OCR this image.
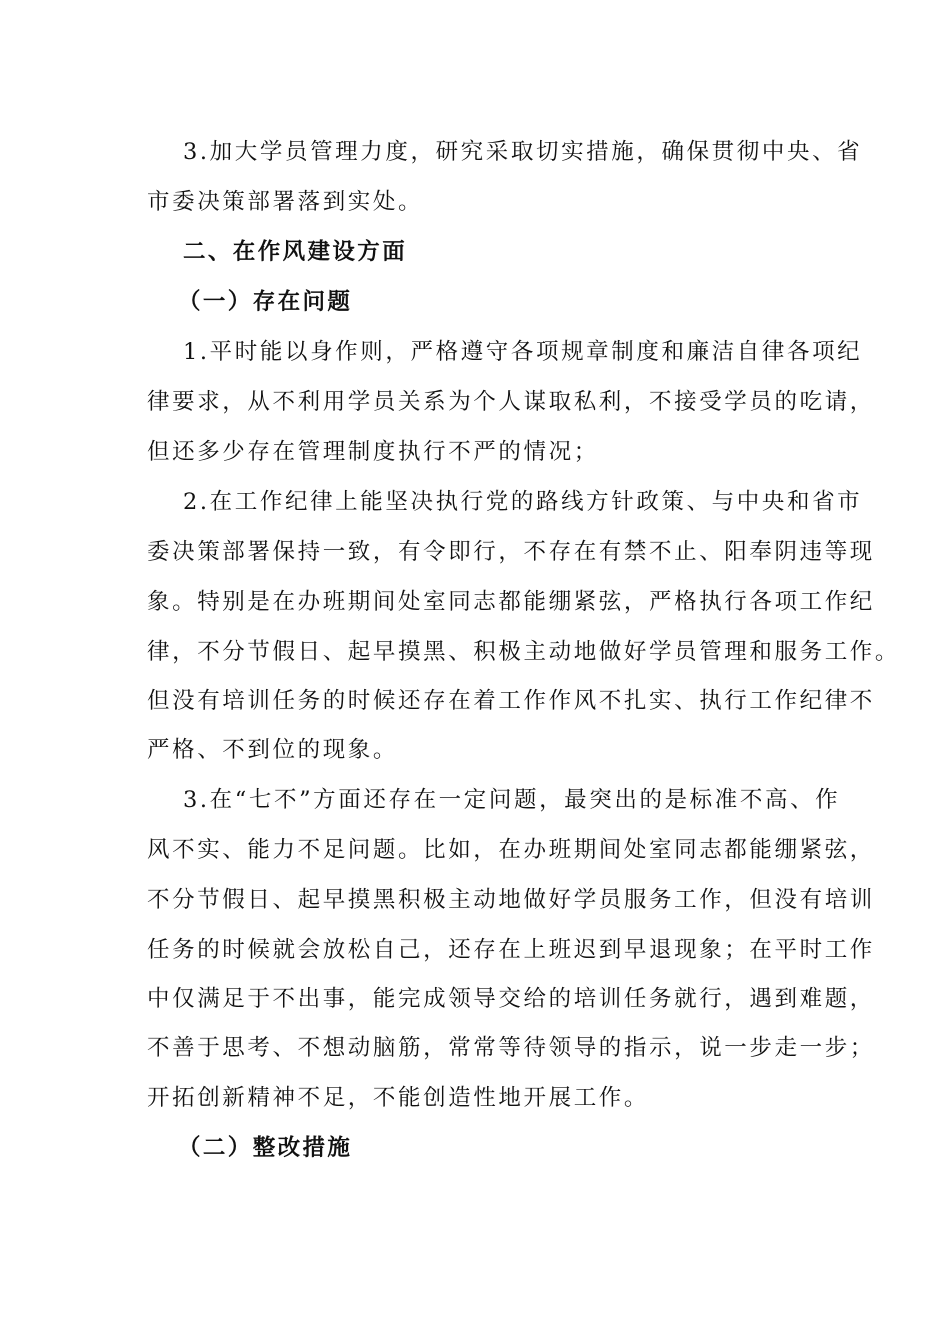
3.加大学员管理力度，研究采取切实措施，确保贯彻中央、省
市委决策部署落到实处。
二、在作风建设方面
（一）存在问题
1.平时能以身作则，严格遵守各项规章制度和廉洁自律各项纪
律要求，从不利用学员关系为个人谋取私利，不接受学员的吃请，
但还多少存在管理制度执行不严的情况；
2.在工作纪律上能坚决执行党的路线方针政策、与中央和省市
委决策部署保持一致，有令即行，不存在有禁不止、阳奉阴违等现
象。特别是在办班期间处室同志都能绷紧弦，严格执行各项工作纪
律，不分节假日、起早摸黑、积极主动地做好学员管理和服务工作。
但没有培训任务的时候还存在着工作作风不扎实、执行工作纪律不
严格、不到位的现象。
3.在“七不”方面还存在一定问题，最突出的是标准不高、作
风不实、能力不足问题。比如，在办班期间处室同志都能绷紧弦，
不分节假日、起早摸黑积极主动地做好学员服务工作，但没有培训
任务的时候就会放松自己，还存在上班迟到早退现象；在平时工作
中仅满足于不出事，能完成领导交给的培训任务就行，遇到难题，
不善于思考、不想动脑筋，常常等待领导的指示，说一步走一步；
开拓创新精神不足，不能创造性地开展工作。
（二）整改措施
